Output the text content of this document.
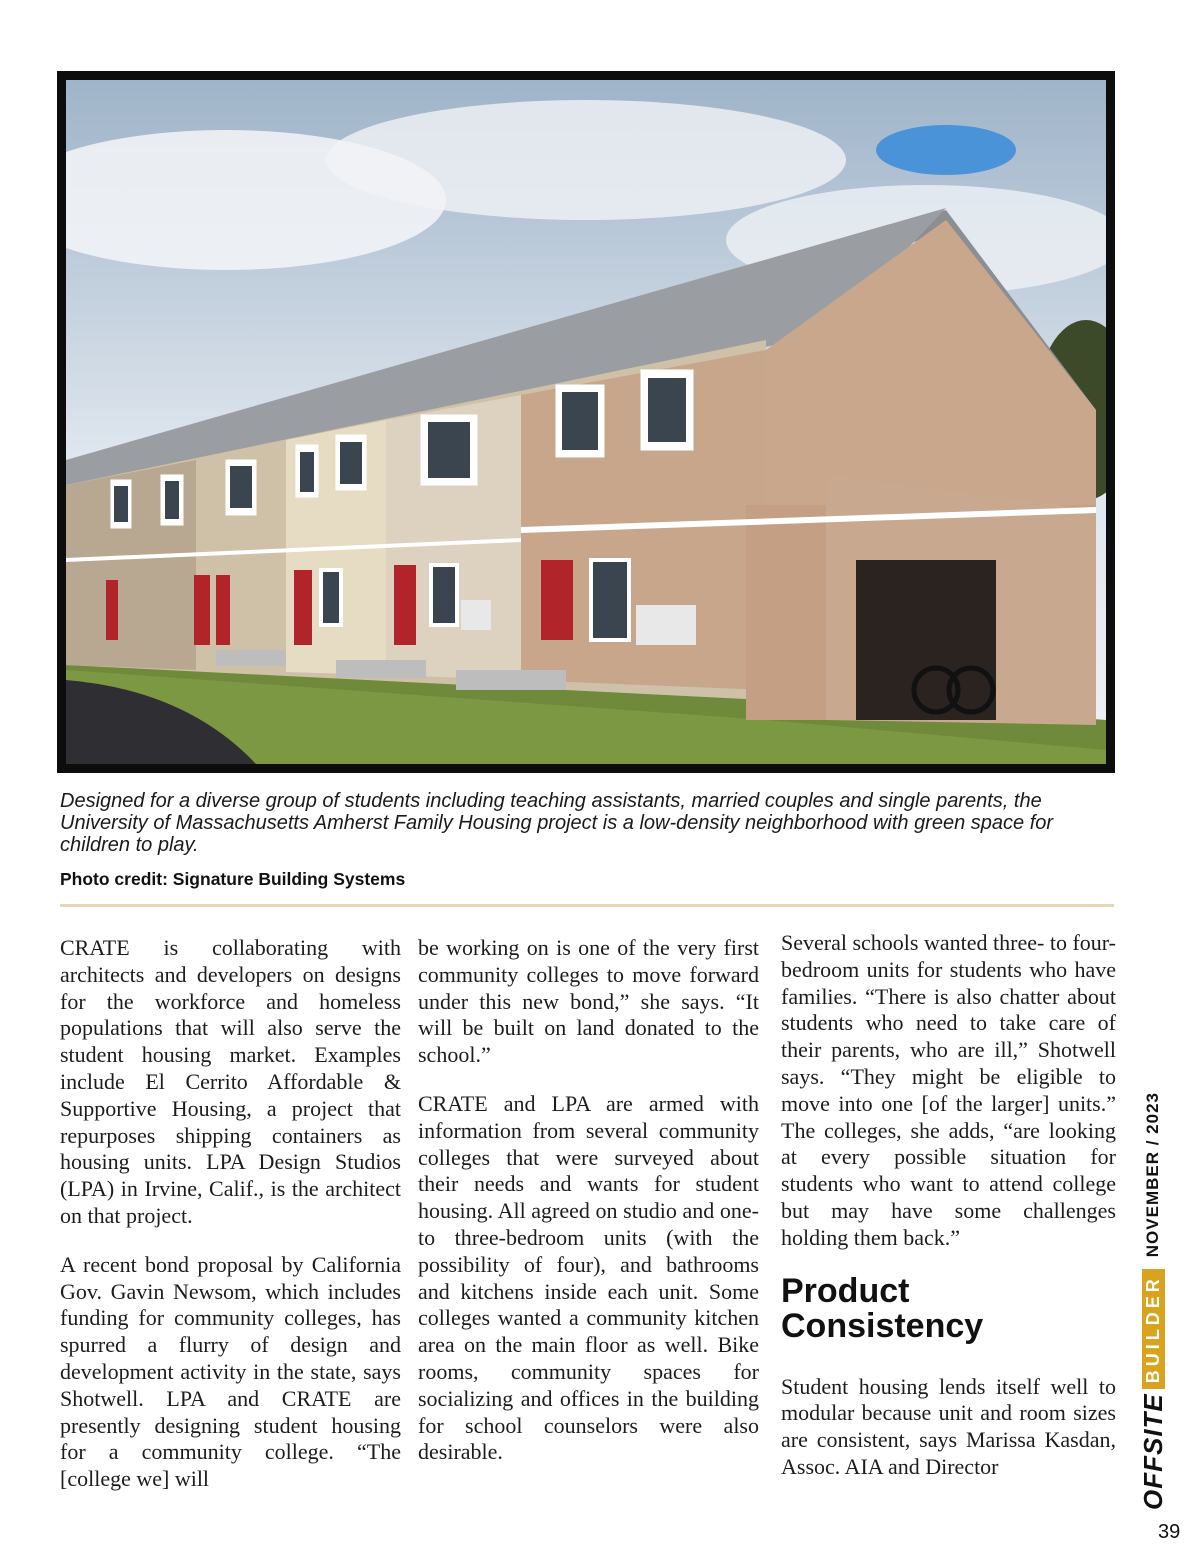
Designed for a diverse group of students including teaching assistants, married couples and single parents, the University of Massachusetts Amherst Family Housing project is a low-density neighborhood with green space for children to play.
Photo credit: Signature Building Systems

CRATE is collaborating with architects and developers on designs for the workforce and homeless populations that will also serve the student housing market. Examples include El Cerrito Affordable & Supportive Housing, a project that repurposes shipping containers as housing units. LPA Design Studios (LPA) in Irvine, Calif., is the architect on that project.

A recent bond proposal by California Gov. Gavin Newsom, which includes funding for community colleges, has spurred a flurry of design and development activity in the state, says Shotwell. LPA and CRATE are presently designing student housing for a community college. “The [college we] will

be working on is one of the very first community colleges to move forward under this new bond,” she says. “It will be built on land donated to the school.”

CRATE and LPA are armed with information from several community colleges that were surveyed about their needs and wants for student housing. All agreed on studio and one- to three-bedroom units (with the possibility of four), and bathrooms and kitchens inside each unit. Some colleges wanted a community kitchen area on the main floor as well. Bike rooms, community spaces for socializing and offices in the building for school counselors were also desirable.

Several schools wanted three- to four-bedroom units for students who have families. “There is also chatter about students who need to take care of their parents, who are ill,” Shotwell says. “They might be eligible to move into one [of the larger] units.” The colleges, she adds, “are looking at every possible situation for students who want to attend college but may have some challenges holding them back.”

Product Consistency

Student housing lends itself well to modular because unit and room sizes are consistent, says Marissa Kasdan, Assoc. AIA and Director	OFFSITE
BUILDER
NOVEMBER / 2023
39
